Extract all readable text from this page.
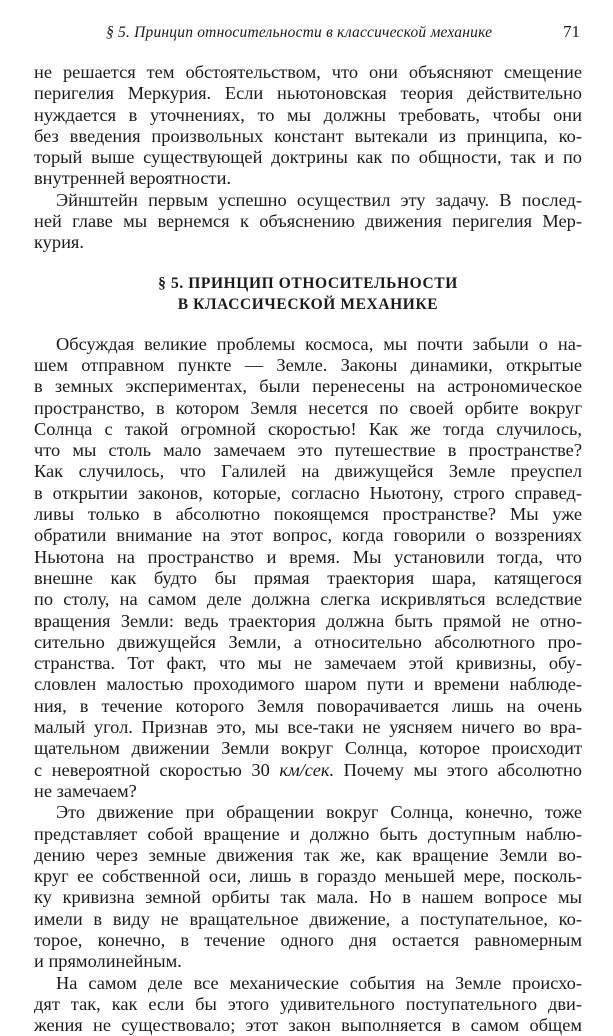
§ 5. Принцип относительности в классической механике	71
не решается тем обстоятельством, что они объясняют смещение
перигелия Меркурия. Если ньютоновская теория действительно
нуждается в уточнениях, то мы должны требовать, чтобы они
без введения произвольных констант вытекали из принципа, ко-
торый выше существующей доктрины как по общности, так и по
внутренней вероятности.
Эйнштейн первым успешно осуществил эту задачу. В послед-
ней главе мы вернемся к объяснению движения перигелия Мер-
курия.
§ 5. ПРИНЦИП ОТНОСИТЕЛЬНОСТИ
В КЛАССИЧЕСКОЙ МЕХАНИКЕ
Обсуждая великие проблемы космоса, мы почти забыли о на-
шем отправном пункте — Земле. Законы динамики, открытые
в земных экспериментах, были перенесены на астрономическое
пространство, в котором Земля несется по своей орбите вокруг
Солнца с такой огромной скоростью! Как же тогда случилось,
что мы столь мало замечаем это путешествие в пространстве?
Как случилось, что Галилей на движущейся Земле преуспел
в открытии законов, которые, согласно Ньютону, строго справед-
ливы только в абсолютно покоящемся пространстве? Мы уже
обратили внимание на этот вопрос, когда говорили о воззрениях
Ньютона на пространство и время. Мы установили тогда, что
внешне как будто бы прямая траектория шара, катящегося
по столу, на самом деле должна слегка искривляться вследствие
вращения Земли: ведь траектория должна быть прямой не отно-
сительно движущейся Земли, а относительно абсолютного про-
странства. Тот факт, что мы не замечаем этой кривизны, обу-
словлен малостью проходимого шаром пути и времени наблюде-
ния, в течение которого Земля поворачивается лишь на очень
малый угол. Признав это, мы все-таки не уясняем ничего во вра-
щательном движении Земли вокруг Солнца, которое происходит
с невероятной скоростью 30 км/сек. Почему мы этого абсолютно
не замечаем?
Это движение при обращении вокруг Солнца, конечно, тоже
представляет собой вращение и должно быть доступным наблю-
дению через земные движения так же, как вращение Земли во-
круг ее собственной оси, лишь в гораздо меньшей мере, посколь-
ку кривизна земной орбиты так мала. Но в нашем вопросе мы
имели в виду не вращательное движение, а поступательное, ко-
торое, конечно, в течение одного дня остается равномерным
и прямолинейным.
На самом деле все механические события на Земле происхо-
дят так, как если бы этого удивительного поступательного дви-
жения не существовало; этот закон выполняется в самом общем
